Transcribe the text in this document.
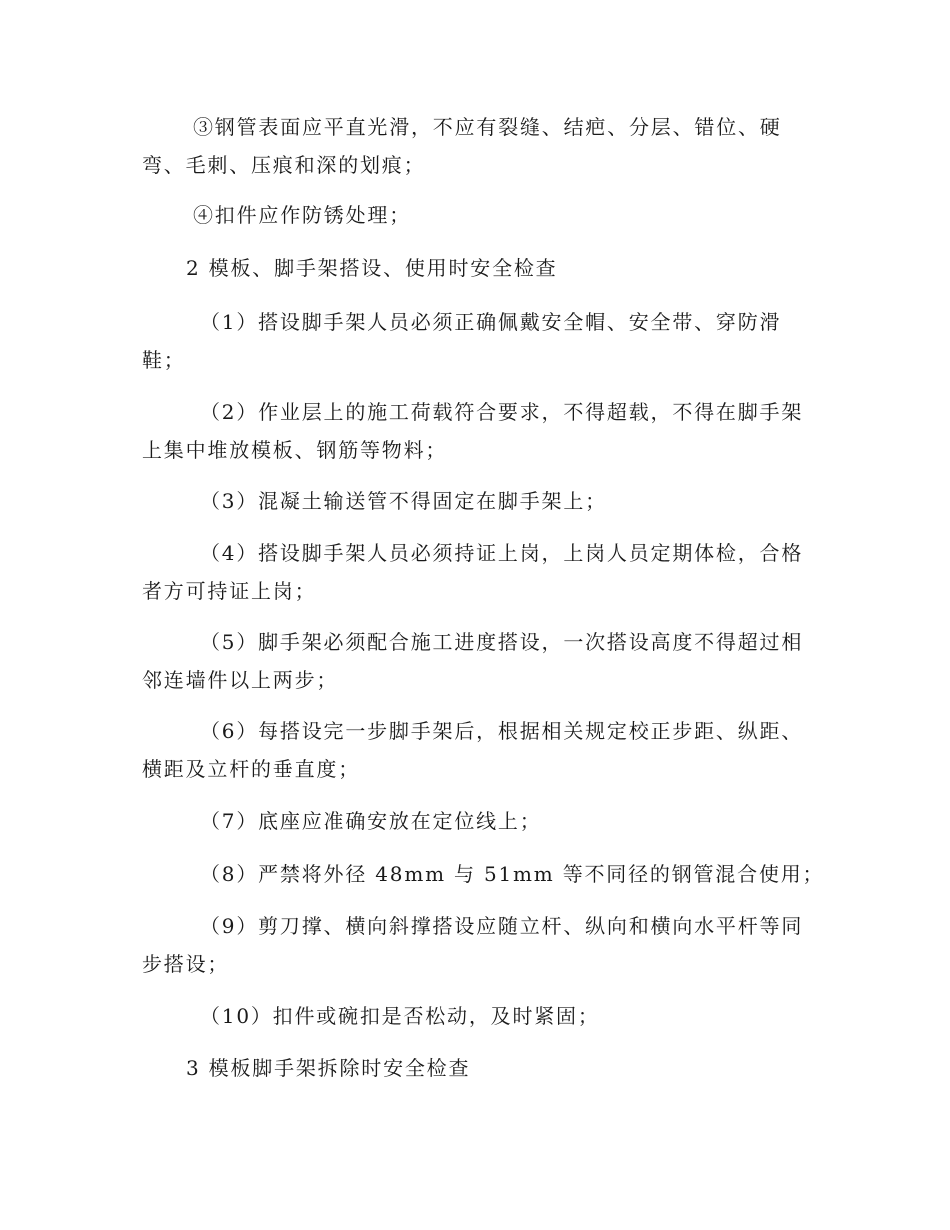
③钢管表面应平直光滑，不应有裂缝、结疤、分层、错位、硬
弯、毛刺、压痕和深的划痕；
④扣件应作防锈处理；
2 模板、脚手架搭设、使用时安全检查
（1）搭设脚手架人员必须正确佩戴安全帽、安全带、穿防滑
鞋；
（2）作业层上的施工荷载符合要求，不得超载，不得在脚手架
上集中堆放模板、钢筋等物料；
（3）混凝土输送管不得固定在脚手架上；
（4）搭设脚手架人员必须持证上岗，上岗人员定期体检，合格
者方可持证上岗；
（5）脚手架必须配合施工进度搭设，一次搭设高度不得超过相
邻连墙件以上两步；
（6）每搭设完一步脚手架后，根据相关规定校正步距、纵距、
横距及立杆的垂直度；
（7）底座应准确安放在定位线上；
（8）严禁将外径 48mm 与 51mm 等不同径的钢管混合使用；
（9）剪刀撑、横向斜撑搭设应随立杆、纵向和横向水平杆等同
步搭设；
（10）扣件或碗扣是否松动，及时紧固；
3 模板脚手架拆除时安全检查
